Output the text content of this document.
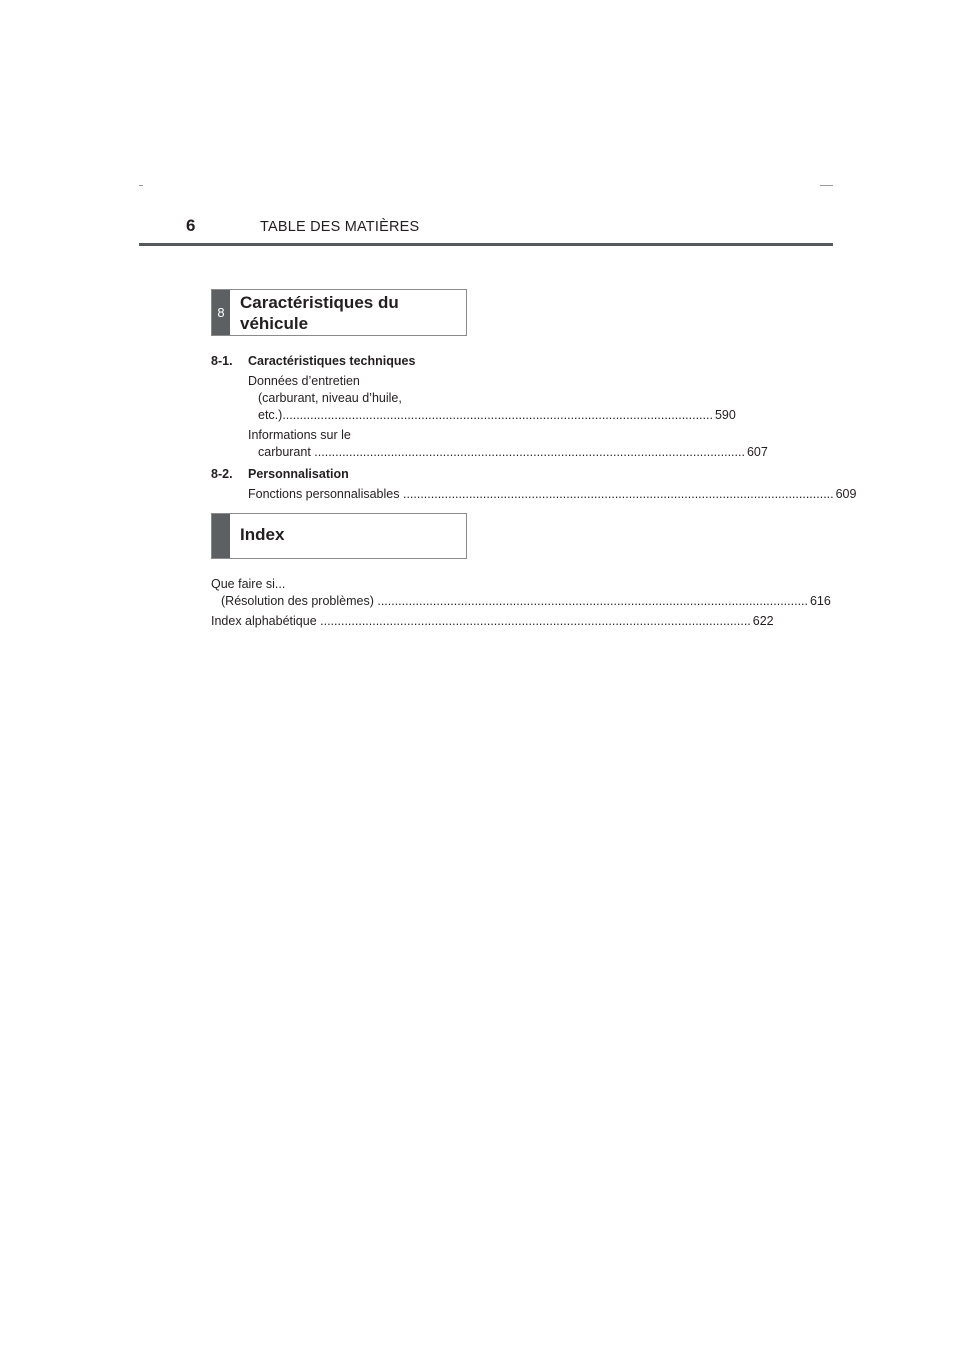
6	TABLE DES MATIÈRES
8
Caractéristiques du
véhicule
8-1. Caractéristiques techniques
Données d’entretien
(carburant, niveau d’huile,
etc.) .....	590
Informations sur le
carburant .....	607
8-2. Personnalisation
Fonctions personnalisables .....	609
Index
Que faire si...
(Résolution des problèmes) .....	616
Index alphabétique .....	622
